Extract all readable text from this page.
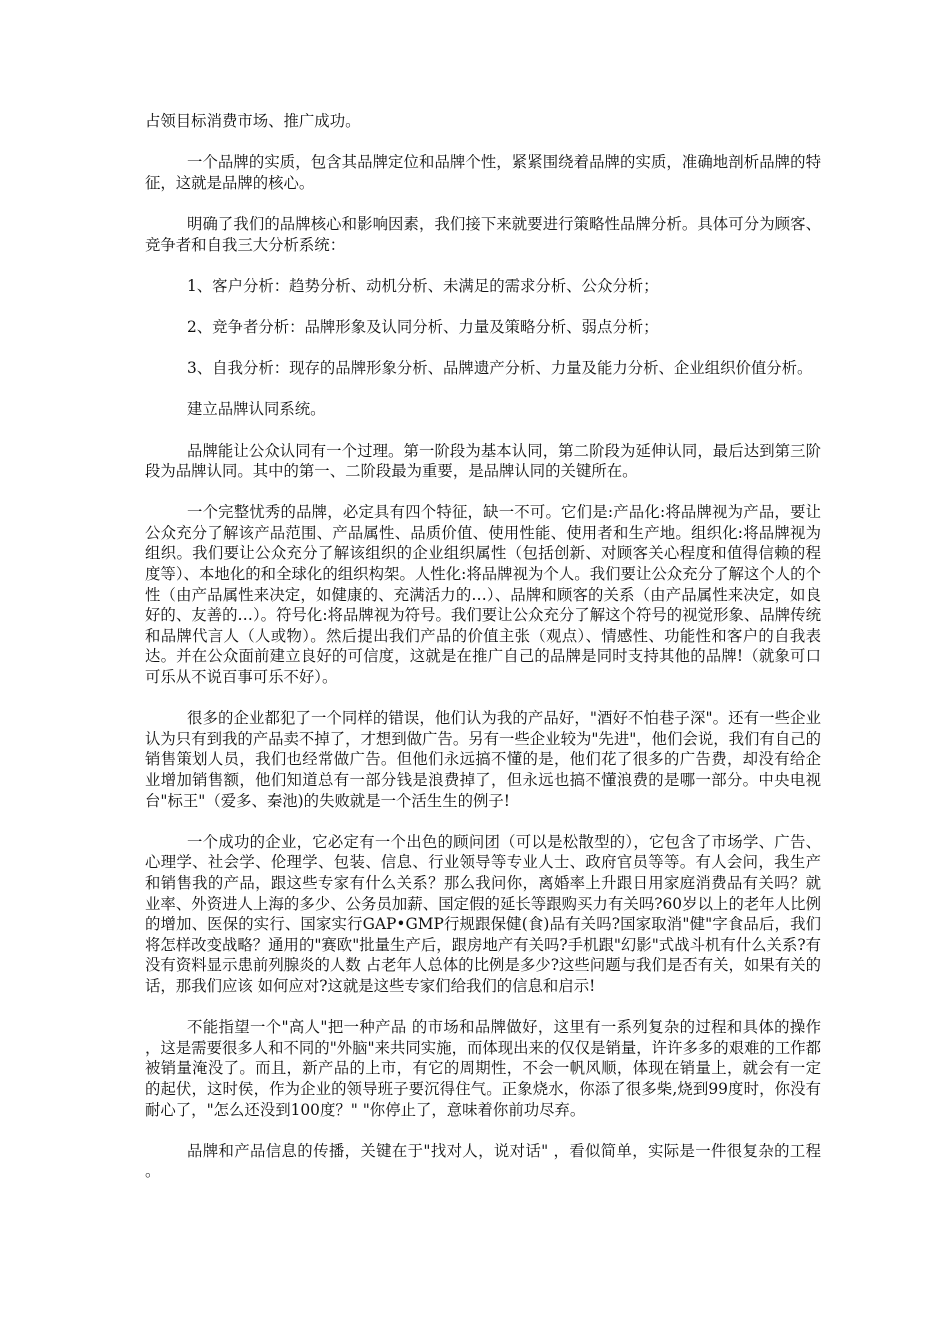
占领目标消费市场、推广成功。

一个品牌的实质，包含其品牌定位和品牌个性，紧紧围绕着品牌的实质，准确地剖析品牌的特征，这就是品牌的核心。

明确了我们的品牌核心和影响因素，我们接下来就要进行策略性品牌分析。具体可分为顾客、竞争者和自我三大分析系统：

1、客户分析：趋势分析、动机分析、未满足的需求分析、公众分析；

2、竞争者分析：品牌形象及认同分析、力量及策略分析、弱点分析；

3、自我分析：现存的品牌形象分析、品牌遗产分析、力量及能力分析、企业组织价值分析。

建立品牌认同系统。

品牌能让公众认同有一个过理。第一阶段为基本认同，第二阶段为延伸认同，最后达到第三阶段为品牌认同。其中的第一、二阶段最为重要，是品牌认同的关键所在。

一个完整忧秀的品牌，必定具有四个特征，缺一不可。它们是:产品化:将品牌视为产品，要让公众充分了解该产品范围、产品属性、品质价值、使用性能、使用者和生产地。组织化:将品牌视为组织。我们要让公众充分了解该组织的企业组织属性（包括创新、对顾客关心程度和值得信赖的程度等）、本地化的和全球化的组织构架。人性化:将品牌视为个人。我们要让公众充分了解这个人的个性（由产品属性来决定，如健康的、充满活力的…）、品牌和顾客的关系（由产品属性来决定，如良好的、友善的…）。符号化:将品牌视为符号。我们要让公众充分了解这个符号的视觉形象、品牌传统和品牌代言人（人或物）。然后提出我们产品的价值主张（观点）、情感性、功能性和客户的自我表达。并在公众面前建立良好的可信度，这就是在推广自己的品牌是同时支持其他的品牌!（就象可口可乐从不说百事可乐不好）。

很多的企业都犯了一个同样的错误，他们认为我的产品好，"酒好不怕巷子深"。还有一些企业认为只有到我的产品卖不掉了，才想到做广告。另有一些企业较为"先进"，他们会说，我们有自己的销售策划人员，我们也经常做广告。但他们永远搞不懂的是，他们花了很多的广告费，却没有给企业增加销售额，他们知道总有一部分钱是浪费掉了，但永远也搞不懂浪费的是哪一部分。中央电视台"标王"（爱多、秦池)的失败就是一个活生生的例子!

一个成功的企业，它必定有一个出色的顾问团（可以是松散型的），它包含了市场学、广告、心理学、社会学、伦理学、包装、信息、行业领导等专业人士、政府官员等等。有人会问，我生产和销售我的产品，跟这些专家有什么关系？那么我问你，离婚率上升跟日用家庭消费品有关吗？就业率、外资进人上海的多少、公务员加薪、国定假的延长等跟购买力有关吗?60岁以上的老年人比例的增加、医保的实行、国家实行GAP•GMP行规跟保健(食)品有关吗?国家取消"健"字食品后，我们将怎样改变战略？通用的"赛欧"批量生产后，跟房地产有关吗?手机跟"幻影"式战斗机有什么关系?有没有资料显示患前列腺炎的人数 占老年人总体的比例是多少?这些问题与我们是否有关，如果有关的话，那我们应该 如何应对?这就是这些专家们给我们的信息和启示!

不能指望一个"高人"把一种产品 的市场和品牌做好，这里有一系列复杂的过程和具体的操作，这是需要很多人和不同的"外脑"来共同实施，而体现出来的仅仅是销量，许许多多的艰难的工作都被销量淹没了。而且，新产品的上市，有它的周期性，不会一帆风顺，体现在销量上，就会有一定的起伏，这时侯，作为企业的领导班子要沉得住气。正象烧水，你添了很多柴,烧到99度时，你没有耐心了，"怎么还没到100度？" "你停止了，意味着你前功尽弃。

品牌和产品信息的传播，关键在于"找对人，说对话" ，看似简单，实际是一件很复杂的工程。
